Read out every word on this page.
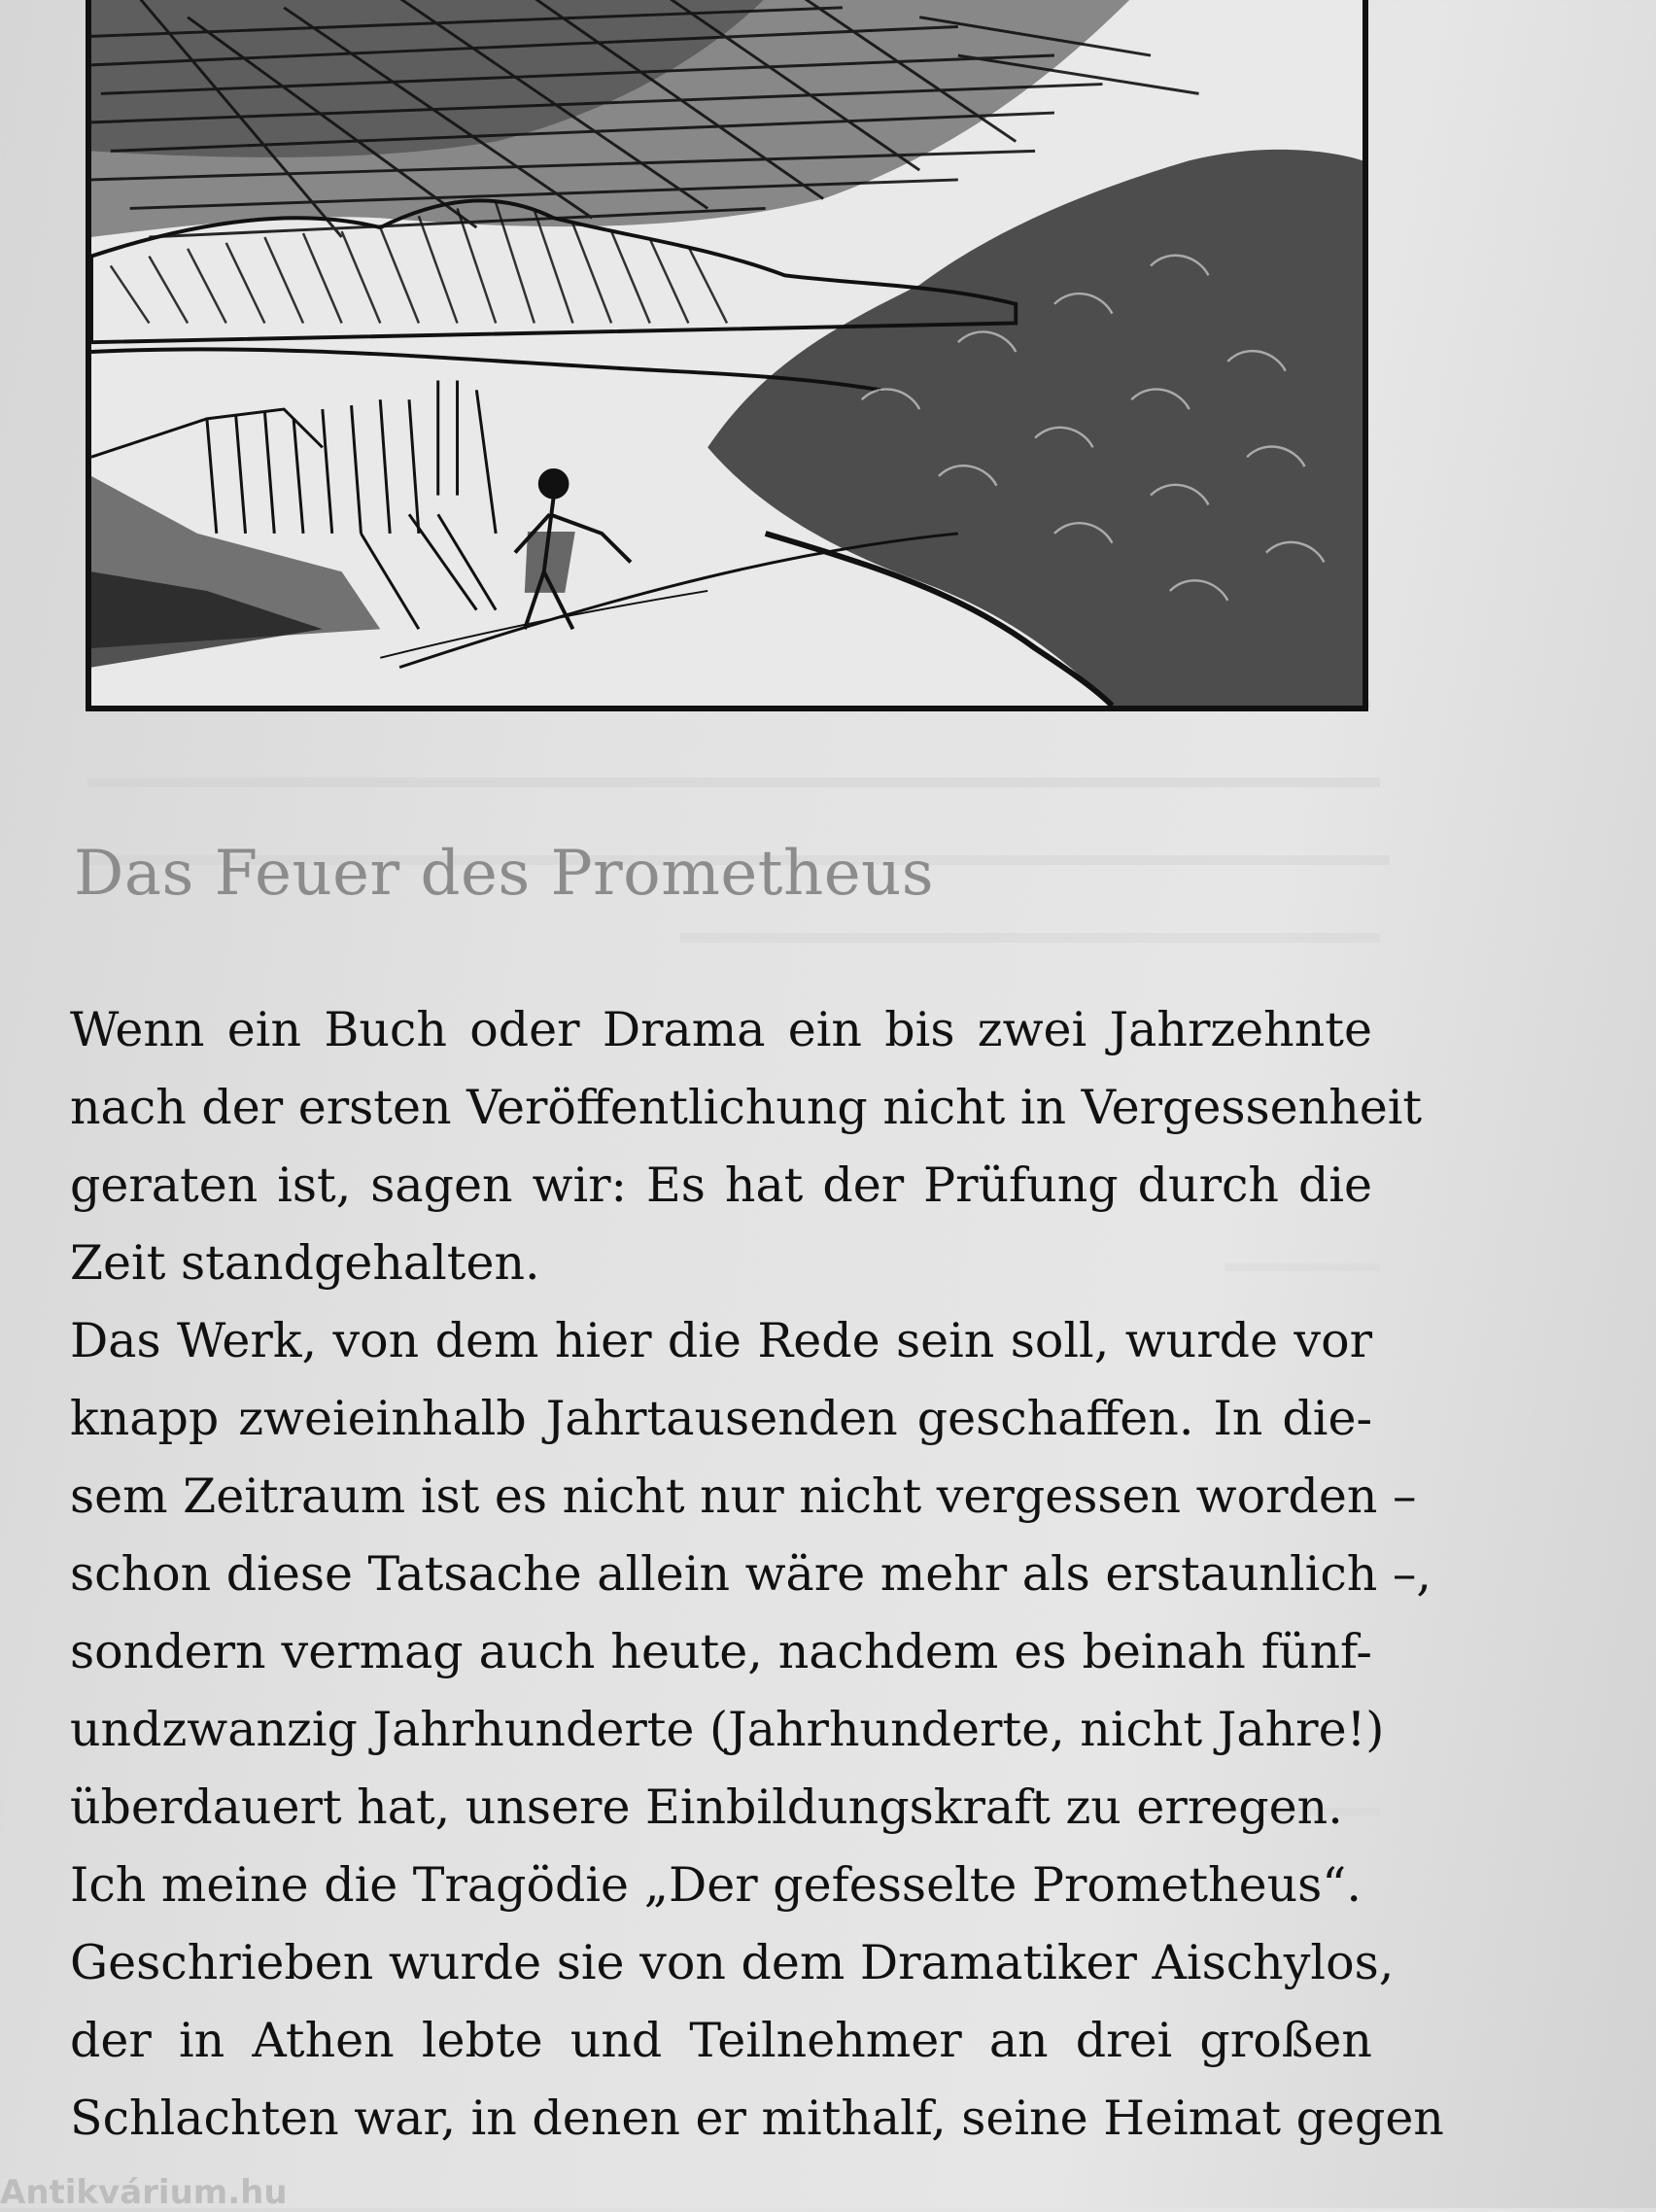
Das Feuer des Prometheus
Wenn ein Buch oder Drama ein bis zwei Jahrzehnte
nach der ersten Veröffentlichung nicht in Vergessenheit
geraten ist, sagen wir: Es hat der Prüfung durch die
Zeit standgehalten.
Das Werk, von dem hier die Rede sein soll, wurde vor
knapp zweieinhalb Jahrtausenden geschaffen. In die-
sem Zeitraum ist es nicht nur nicht vergessen worden –
schon diese Tatsache allein wäre mehr als erstaunlich –,
sondern vermag auch heute, nachdem es beinah fünf-
undzwanzig Jahrhunderte (Jahrhunderte, nicht Jahre!)
überdauert hat, unsere Einbildungskraft zu erregen.
Ich meine die Tragödie „Der gefesselte Prometheus“.
Geschrieben wurde sie von dem Dramatiker Aischylos,
der in Athen lebte und Teilnehmer an drei großen
Schlachten war, in denen er mithalf, seine Heimat gegen
Antikvárium.hu
